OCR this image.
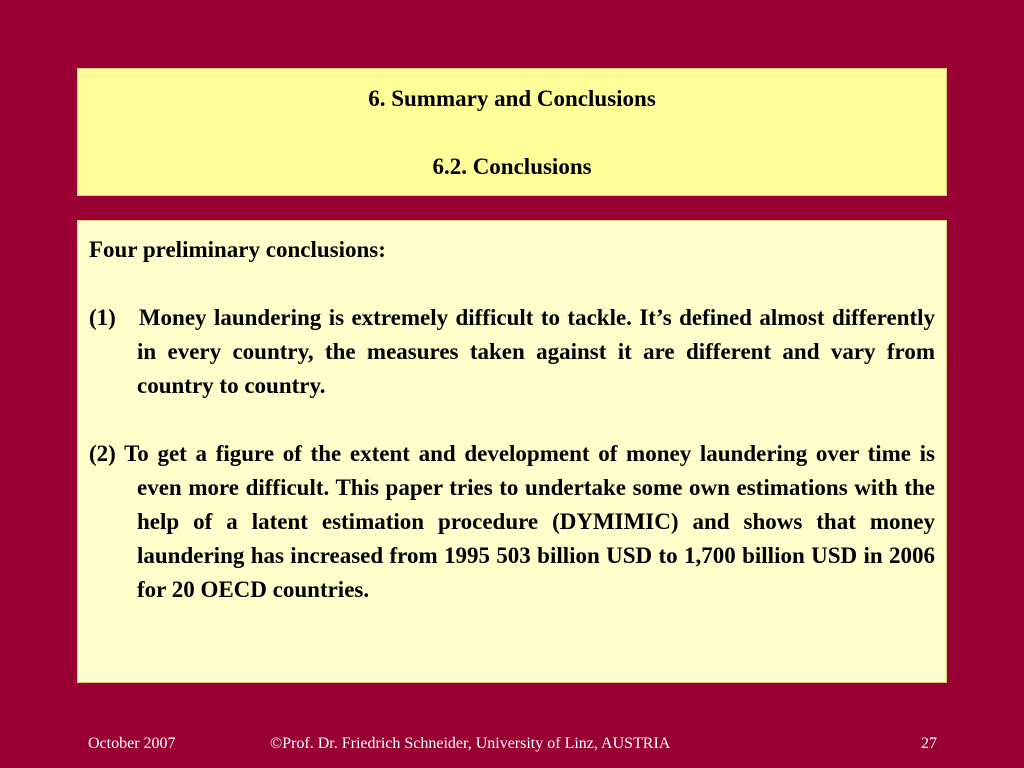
6. Summary and Conclusions
6.2. Conclusions

Four preliminary conclusions:

(1) Money laundering is extremely difficult to tackle. It’s defined almost differently in every country, the measures taken against it are different and vary from country to country.

(2) To get a figure of the extent and development of money laundering over time is even more difficult. This paper tries to undertake some own estimations with the help of a latent estimation procedure (DYMIMIC) and shows that money laundering has increased from 1995 503 billion USD to 1,700 billion USD in 2006 for 20 OECD countries.

October 2007	©Prof. Dr. Friedrich Schneider, University of Linz, AUSTRIA	27
